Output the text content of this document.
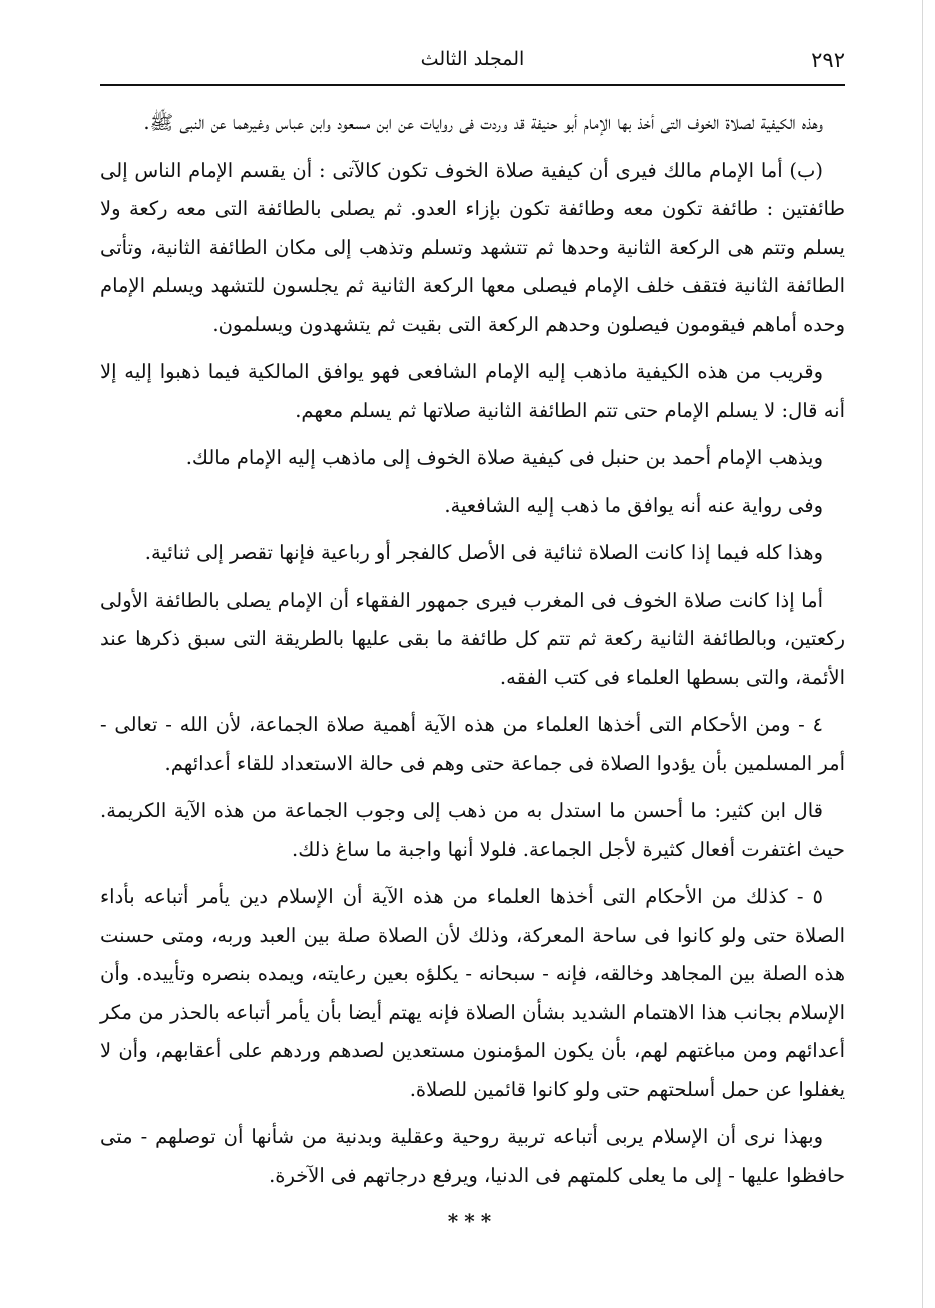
٢٩٢
المجلد الثالث

وهذه الكيفية لصلاة الخوف التى أخذ بها الإمام أبو حنيفة قد وردت فى روايات عن ابن مسعود وابن عباس وغيرهما عن النبى ﷺ.

(ب) أما الإمام مالك فيرى أن كيفية صلاة الخوف تكون كالآتى : أن يقسم الإمام الناس إلى طائفتين : طائفة تكون معه وطائفة تكون بإزاء العدو. ثم يصلى بالطائفة التى معه ركعة ولا يسلم وتتم هى الركعة الثانية وحدها ثم تتشهد وتسلم وتذهب إلى مكان الطائفة الثانية، وتأتى الطائفة الثانية فتقف خلف الإمام فيصلى معها الركعة الثانية ثم يجلسون للتشهد ويسلم الإمام وحده أماهم فيقومون فيصلون وحدهم الركعة التى بقيت ثم يتشهدون ويسلمون.

وقريب من هذه الكيفية ماذهب إليه الإمام الشافعى فهو يوافق المالكية فيما ذهبوا إليه إلا أنه قال: لا يسلم الإمام حتى تتم الطائفة الثانية صلاتها ثم يسلم معهم.

ويذهب الإمام أحمد بن حنبل فى كيفية صلاة الخوف إلى ماذهب إليه الإمام مالك.

وفى رواية عنه أنه يوافق ما ذهب إليه الشافعية.

وهذا كله فيما إذا كانت الصلاة ثنائية فى الأصل كالفجر أو رباعية فإنها تقصر إلى ثنائية.

أما إذا كانت صلاة الخوف فى المغرب فيرى جمهور الفقهاء أن الإمام يصلى بالطائفة الأولى ركعتين، وبالطائفة الثانية ركعة ثم تتم كل طائفة ما بقى عليها بالطريقة التى سبق ذكرها عند الأئمة، والتى بسطها العلماء فى كتب الفقه.

٤ - ومن الأحكام التى أخذها العلماء من هذه الآية أهمية صلاة الجماعة، لأن الله - تعالى - أمر المسلمين بأن يؤدوا الصلاة فى جماعة حتى وهم فى حالة الاستعداد للقاء أعدائهم.

قال ابن كثير: ما أحسن ما استدل به من ذهب إلى وجوب الجماعة من هذه الآية الكريمة. حيث اغتفرت أفعال كثيرة لأجل الجماعة. فلولا أنها واجبة ما ساغ ذلك.

٥ - كذلك من الأحكام التى أخذها العلماء من هذه الآية أن الإسلام دين يأمر أتباعه بأداء الصلاة حتى ولو كانوا فى ساحة المعركة، وذلك لأن الصلاة صلة بين العبد وربه، ومتى حسنت هذه الصلة بين المجاهد وخالقه، فإنه - سبحانه - يكلؤه بعين رعايته، ويمده بنصره وتأييده. وأن الإسلام بجانب هذا الاهتمام الشديد بشأن الصلاة فإنه يهتم أيضا بأن يأمر أتباعه بالحذر من مكر أعدائهم ومن مباغتهم لهم، بأن يكون المؤمنون مستعدين لصدهم وردهم على أعقابهم، وأن لا يغفلوا عن حمل أسلحتهم حتى ولو كانوا قائمين للصلاة.

وبهذا نرى أن الإسلام يربى أتباعه تربية روحية وعقلية وبدنية من شأنها أن توصلهم - متى حافظوا عليها - إلى ما يعلى كلمتهم فى الدنيا، ويرفع درجاتهم فى الآخرة.

***
